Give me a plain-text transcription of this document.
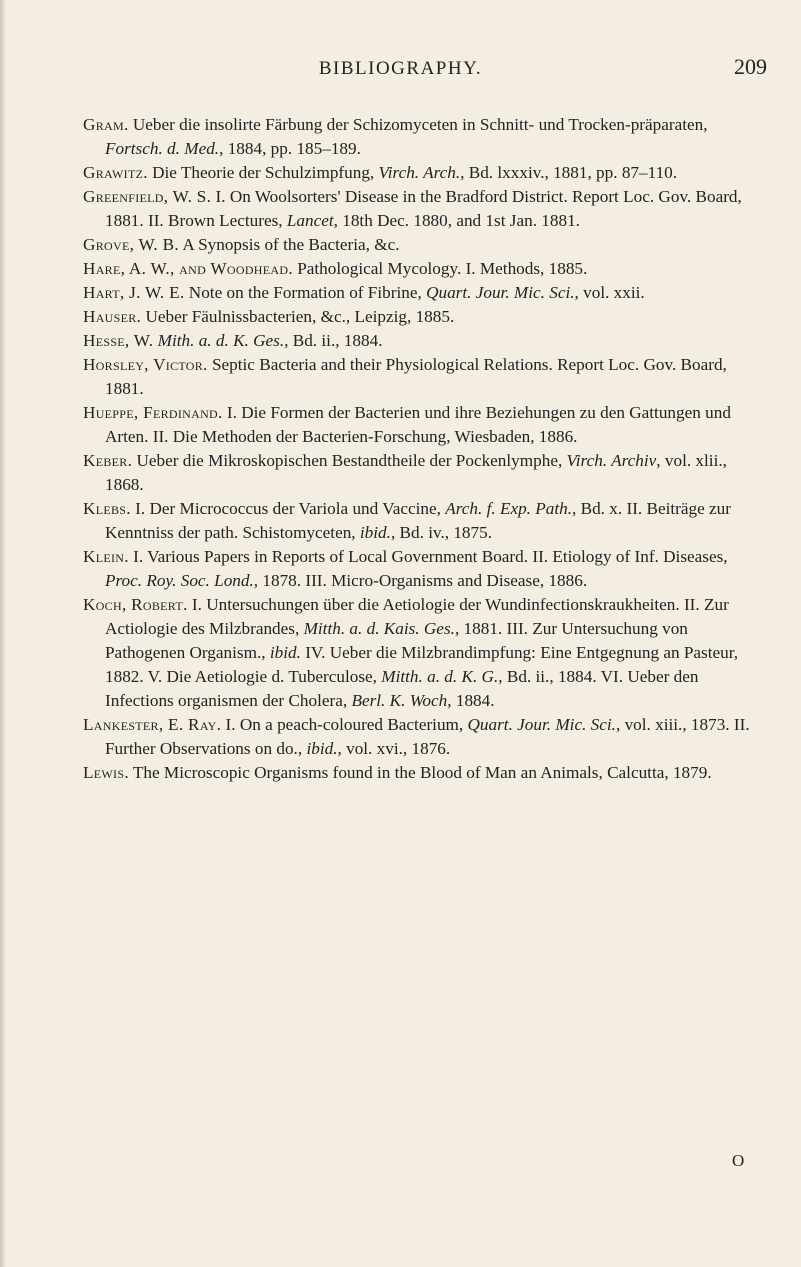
BIBLIOGRAPHY.	209

Gram. Ueber die insolirte Färbung der Schizomyceten in Schnitt- und Trocken-präparaten, Fortsch. d. Med., 1884, pp. 185–189.

Grawitz. Die Theorie der Schulzimpfung, Virch. Arch., Bd. lxxxiv., 1881, pp. 87–110.

Greenfield, W. S. I. On Woolsorters' Disease in the Bradford District. Report Loc. Gov. Board, 1881. II. Brown Lectures, Lancet, 18th Dec. 1880, and 1st Jan. 1881.

Grove, W. B. A Synopsis of the Bacteria, &c.

Hare, A. W., and Woodhead. Pathological Mycology. I. Methods, 1885.

Hart, J. W. E. Note on the Formation of Fibrine, Quart. Jour. Mic. Sci., vol. xxii.

Hauser. Ueber Fäulnissbacterien, &c., Leipzig, 1885.

Hesse, W. Mith. a. d. K. Ges., Bd. ii., 1884.

Horsley, Victor. Septic Bacteria and their Physiological Relations. Report Loc. Gov. Board, 1881.

Hueppe, Ferdinand. I. Die Formen der Bacterien und ihre Beziehungen zu den Gattungen und Arten. II. Die Methoden der Bacterien-Forschung, Wiesbaden, 1886.

Keber. Ueber die Mikroskopischen Bestandtheile der Pockenlymphe, Virch. Archiv, vol. xlii., 1868.

Klebs. I. Der Micrococcus der Variola und Vaccine, Arch. f. Exp. Path., Bd. x. II. Beiträge zur Kenntniss der path. Schistomyceten, ibid., Bd. iv., 1875.

Klein. I. Various Papers in Reports of Local Government Board. II. Etiology of Inf. Diseases, Proc. Roy. Soc. Lond., 1878. III. Micro-Organisms and Disease, 1886.

Koch, Robert. I. Untersuchungen über die Aetiologie der Wundinfectionskraukheiten. II. Zur Actiologie des Milzbrandes, Mitth. a. d. Kais. Ges., 1881. III. Zur Untersuchung von Pathogenen Organism., ibid. IV. Ueber die Milzbrandimpfung: Eine Entgegnung an Pasteur, 1882. V. Die Aetiologie d. Tuberculose, Mitth. a. d. K. G., Bd. ii., 1884. VI. Ueber den Infections organismen der Cholera, Berl. K. Woch, 1884.

Lankester, E. Ray. I. On a peach-coloured Bacterium, Quart. Jour. Mic. Sci., vol. xiii., 1873. II. Further Observations on do., ibid., vol. xvi., 1876.

Lewis. The Microscopic Organisms found in the Blood of Man an Animals, Calcutta, 1879.

O
